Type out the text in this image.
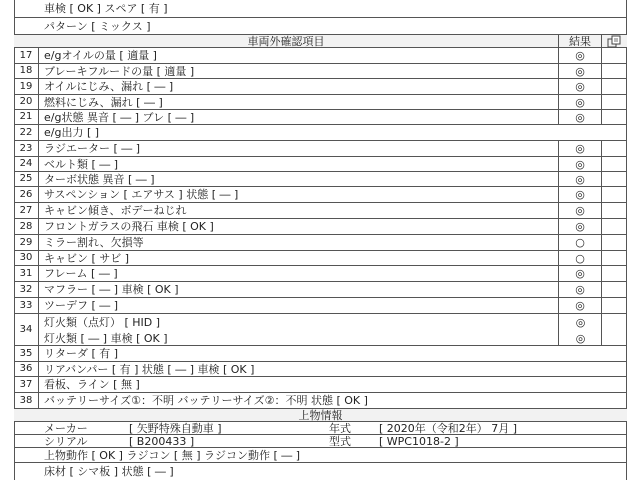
車検 [ OK ] スペア [ 有 ]
パターン [ ミックス ]
車両外確認項目	結果
17	e/gオイルの量 [ 適量 ]	◎
18	ブレーキフルードの量 [ 適量 ]	◎
19	オイルにじみ、漏れ [ ― ]	◎
20	燃料にじみ、漏れ [ ― ]	◎
21	e/g状態 異音 [ ― ] ブレ [ ― ]	◎
22	e/g出力 [ ]
23	ラジエーター [ ― ]	◎
24	ベルト類 [ ― ]	◎
25	ターボ状態 異音 [ ― ]	◎
26	サスペンション [ エアサス ] 状態 [ ― ]	◎
27	キャビン傾き、ボデーねじれ	◎
28	フロントガラスの飛石 車検 [ OK ]	◎
29	ミラー割れ、欠損等	○
30	キャビン [ サビ ]	○
31	フレーム [ ― ]	◎
32	マフラー [ ― ] 車検 [ OK ]	◎
33	ツーデフ [ ― ]	◎
34	灯火類（点灯） [ HID ]	◎
灯火類 [ ― ] 車検 [ OK ]	◎
35	リターダ [ 有 ]
36	リアバンパー [ 有 ] 状態 [ ― ] 車検 [ OK ]
37	看板、ライン [ 無 ]
38	バッテリーサイズ①：不明 バッテリーサイズ②：不明 状態 [ OK ]
上物情報
メーカー	[ 矢野特殊自動車 ]	年式	[ 2020年（令和2年） 7月 ]
シリアル	[ B200433 ]	型式	[ WPC1018-2 ]
上物動作 [ OK ] ラジコン [ 無 ] ラジコン動作 [ ― ]
床材 [ シマ板 ] 状態 [ ― ]
